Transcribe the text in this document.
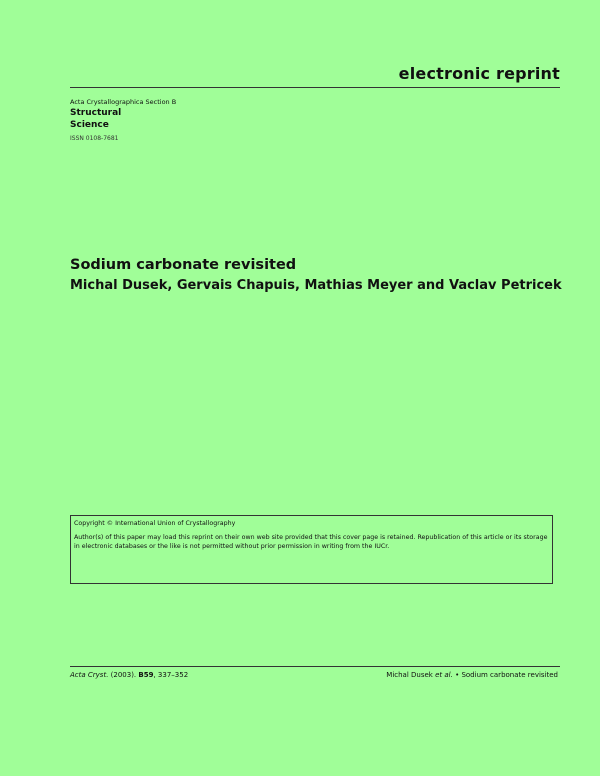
electronic reprint
Acta Crystallographica Section B
Structural
Science
ISSN 0108-7681
Sodium carbonate revisited
Michal Dusek, Gervais Chapuis, Mathias Meyer and Vaclav Petricek
Copyright © International Union of Crystallography
Author(s) of this paper may load this reprint on their own web site provided that this cover page is retained. Republication of this article or its storage in electronic databases or the like is not permitted without prior permission in writing from the IUCr.
Acta Cryst. (2003). B59, 337–352	Michal Dusek et al. • Sodium carbonate revisited
